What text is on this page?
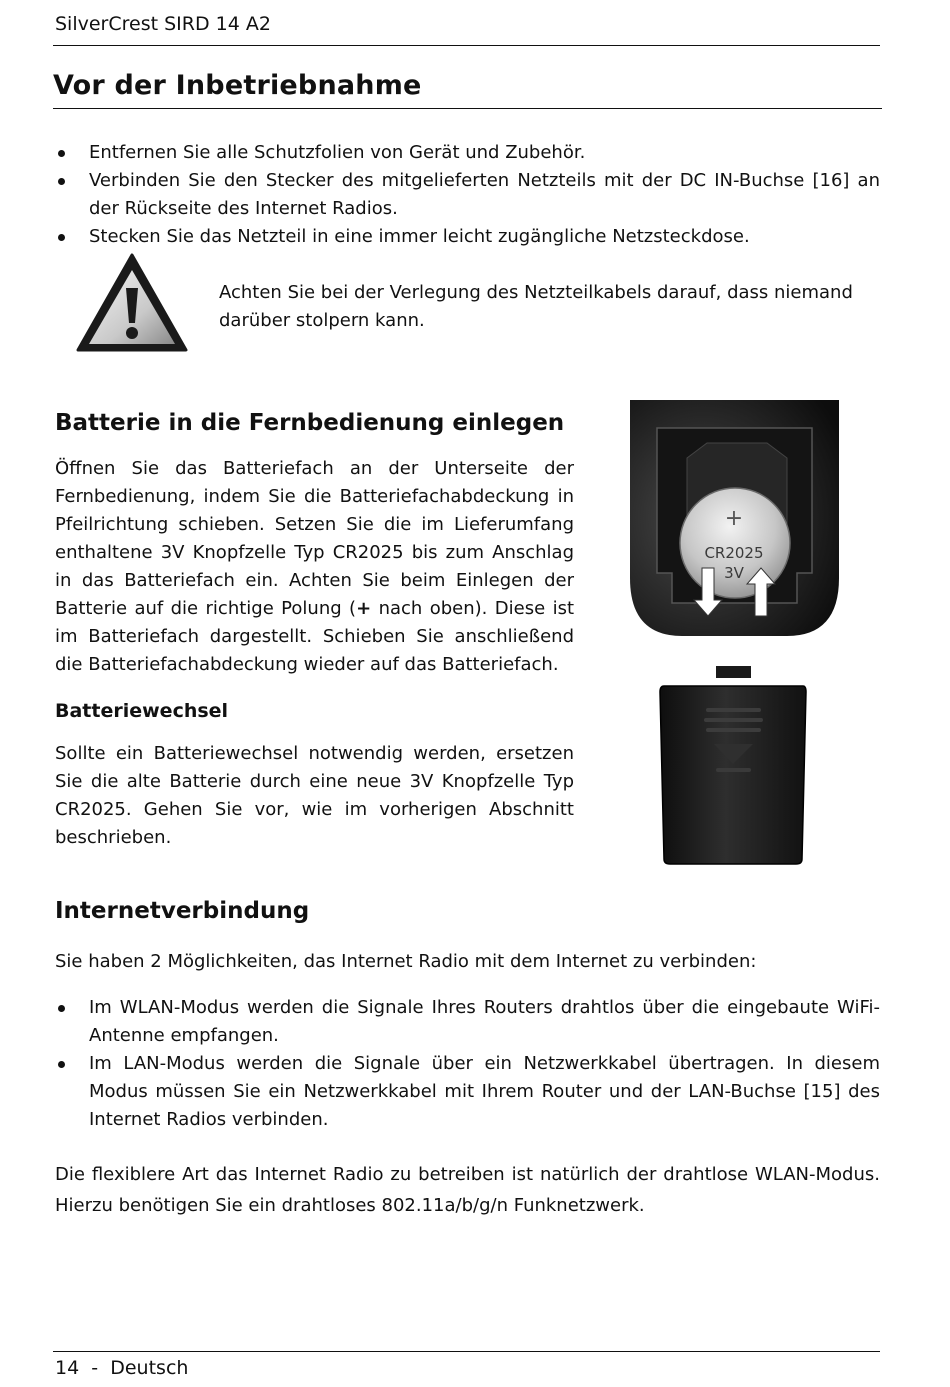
SilverCrest SIRD 14 A2
Vor der Inbetriebnahme
Entfernen Sie alle Schutzfolien von Gerät und Zubehör.
Verbinden Sie den Stecker des mitgelieferten Netzteils mit der DC IN-Buchse [16] an der Rückseite des Internet Radios.
Stecken Sie das Netzteil in eine immer leicht zugängliche Netzsteckdose.
Achten Sie bei der Verlegung des Netzteilkabels darauf, dass niemand
darüber stolpern kann.
Batterie in die Fernbedienung einlegen

Öffnen Sie das Batteriefach an der Unterseite der Fernbedienung, indem Sie die Batteriefachabdeckung in Pfeilrichtung schieben. Setzen Sie die im Lieferumfang enthaltene 3V Knopfzelle Typ CR2025 bis zum Anschlag in das Batteriefach ein. Achten Sie beim Einlegen der Batterie auf die richtige Polung (+ nach oben). Diese ist im Batteriefach dargestellt. Schieben Sie anschließend die Batteriefachabdeckung wieder auf das Batteriefach.

+
CR2025
3V
Batteriewechsel

Sollte ein Batteriewechsel notwendig werden, ersetzen Sie die alte Batterie durch eine neue 3V Knopfzelle Typ CR2025. Gehen Sie vor, wie im vorherigen Abschnitt beschrieben.

Internetverbindung

Sie haben 2 Möglichkeiten, das Internet Radio mit dem Internet zu verbinden:

Im WLAN-Modus werden die Signale Ihres Routers drahtlos über die eingebaute WiFi-Antenne empfangen.
Im LAN-Modus werden die Signale über ein Netzwerkkabel übertragen. In diesem Modus müssen Sie ein Netzwerkkabel mit Ihrem Router und der LAN-Buchse [15] des Internet Radios verbinden.

Die flexiblere Art das Internet Radio zu betreiben ist natürlich der drahtlose WLAN-Modus. Hierzu benötigen Sie ein drahtloses 802.11a/b/g/n Funknetzwerk.

14 - Deutsch
